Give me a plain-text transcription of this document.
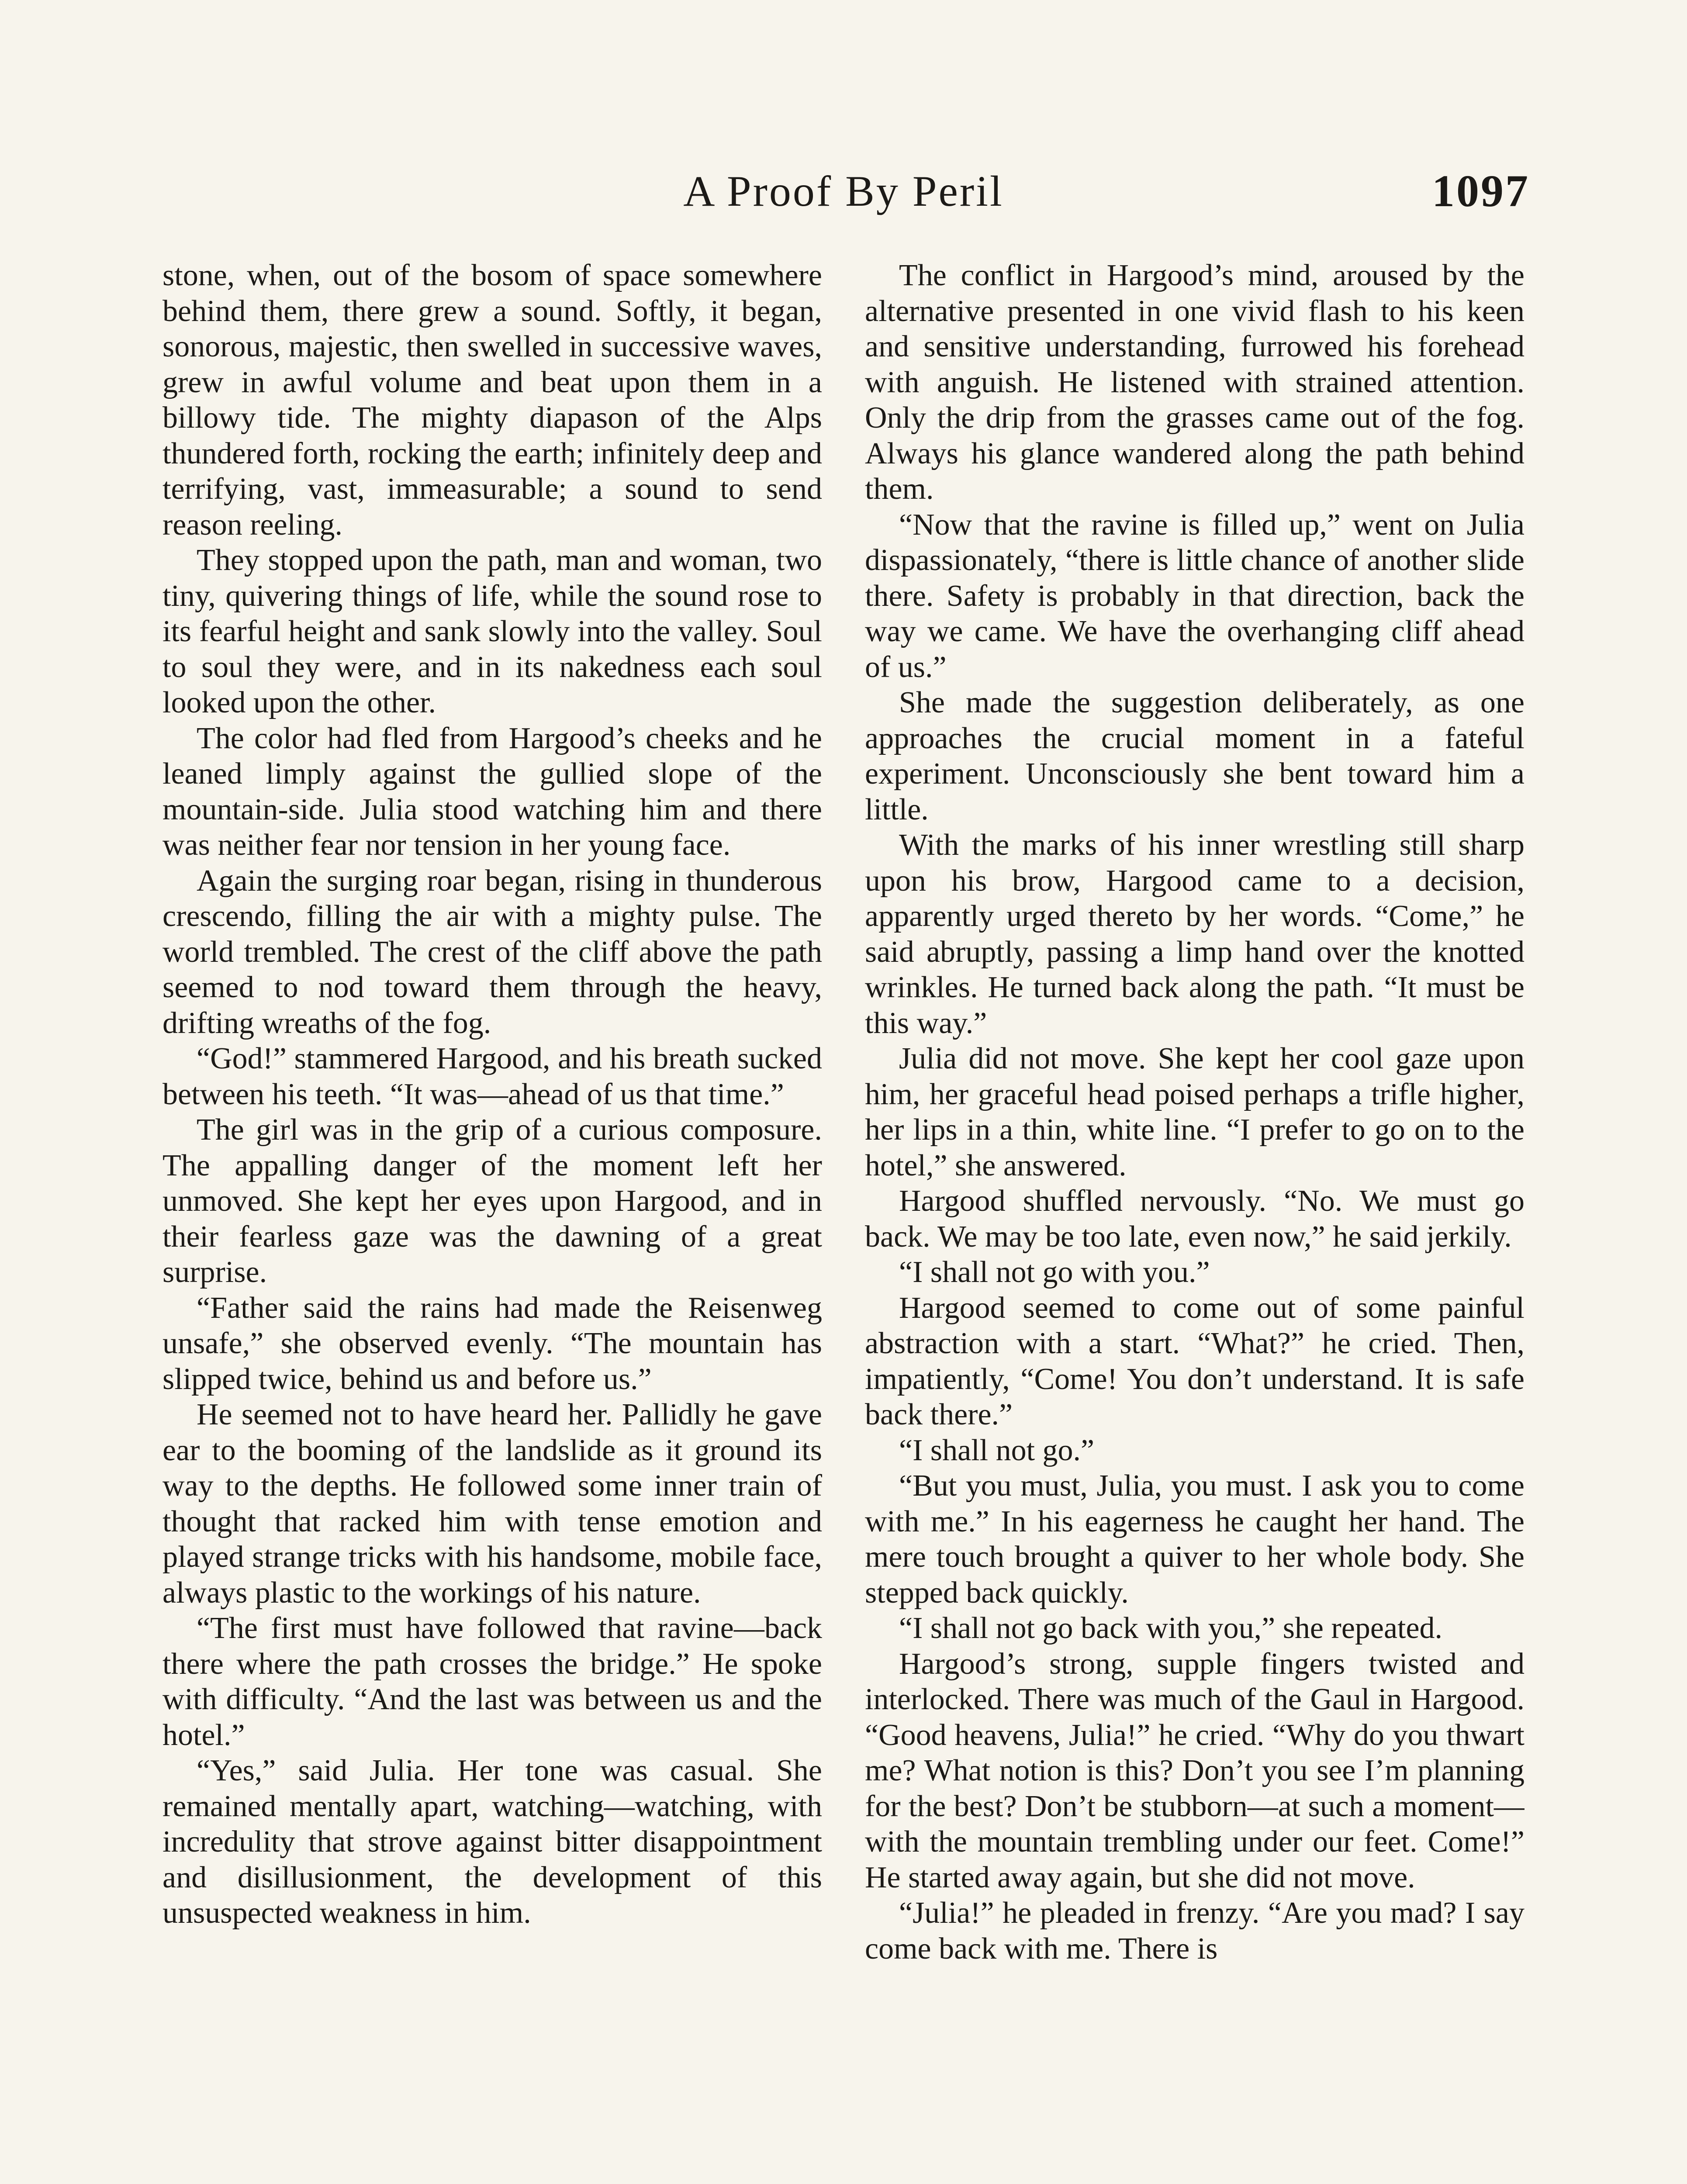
A Proof By Peril	1097

stone, when, out of the bosom of space somewhere behind them, there grew a sound. Softly, it began, sonorous, majestic, then swelled in successive waves, grew in awful volume and beat upon them in a billowy tide. The mighty diapason of the Alps thundered forth, rocking the earth; infinitely deep and terrifying, vast, immeasurable; a sound to send reason reeling.

They stopped upon the path, man and woman, two tiny, quivering things of life, while the sound rose to its fearful height and sank slowly into the valley. Soul to soul they were, and in its nakedness each soul looked upon the other.

The color had fled from Hargood’s cheeks and he leaned limply against the gullied slope of the mountain-side. Julia stood watching him and there was neither fear nor tension in her young face.

Again the surging roar began, rising in thunderous crescendo, filling the air with a mighty pulse. The world trembled. The crest of the cliff above the path seemed to nod toward them through the heavy, drifting wreaths of the fog.

“God!” stammered Hargood, and his breath sucked between his teeth. “It was—ahead of us that time.”

The girl was in the grip of a curious composure. The appalling danger of the moment left her unmoved. She kept her eyes upon Hargood, and in their fearless gaze was the dawning of a great surprise.

“Father said the rains had made the Reisenweg unsafe,” she observed evenly. “The mountain has slipped twice, behind us and before us.”

He seemed not to have heard her. Pallidly he gave ear to the booming of the landslide as it ground its way to the depths. He followed some inner train of thought that racked him with tense emotion and played strange tricks with his handsome, mobile face, always plastic to the workings of his nature.

“The first must have followed that ravine—back there where the path crosses the bridge.” He spoke with difficulty. “And the last was between us and the hotel.”

“Yes,” said Julia. Her tone was casual. She remained mentally apart, watching—watching, with incredulity that strove against bitter disappointment and disillusionment, the development of this unsuspected weakness in him.

The conflict in Hargood’s mind, aroused by the alternative presented in one vivid flash to his keen and sensitive understanding, furrowed his forehead with anguish. He listened with strained attention. Only the drip from the grasses came out of the fog. Always his glance wandered along the path behind them.

“Now that the ravine is filled up,” went on Julia dispassionately, “there is little chance of another slide there. Safety is probably in that direction, back the way we came. We have the overhanging cliff ahead of us.”

She made the suggestion deliberately, as one approaches the crucial moment in a fateful experiment. Unconsciously she bent toward him a little.

With the marks of his inner wrestling still sharp upon his brow, Hargood came to a decision, apparently urged thereto by her words. “Come,” he said abruptly, passing a limp hand over the knotted wrinkles. He turned back along the path. “It must be this way.”

Julia did not move. She kept her cool gaze upon him, her graceful head poised perhaps a trifle higher, her lips in a thin, white line. “I prefer to go on to the hotel,” she answered.

Hargood shuffled nervously. “No. We must go back. We may be too late, even now,” he said jerkily.

“I shall not go with you.”

Hargood seemed to come out of some painful abstraction with a start. “What?” he cried. Then, impatiently, “Come! You don’t understand. It is safe back there.”

“I shall not go.”

“But you must, Julia, you must. I ask you to come with me.” In his eagerness he caught her hand. The mere touch brought a quiver to her whole body. She stepped back quickly.

“I shall not go back with you,” she repeated.

Hargood’s strong, supple fingers twisted and interlocked. There was much of the Gaul in Hargood. “Good heavens, Julia!” he cried. “Why do you thwart me? What notion is this? Don’t you see I’m planning for the best? Don’t be stubborn—at such a moment—with the mountain trembling under our feet. Come!” He started away again, but she did not move.

“Julia!” he pleaded in frenzy. “Are you mad? I say come back with me. There is
